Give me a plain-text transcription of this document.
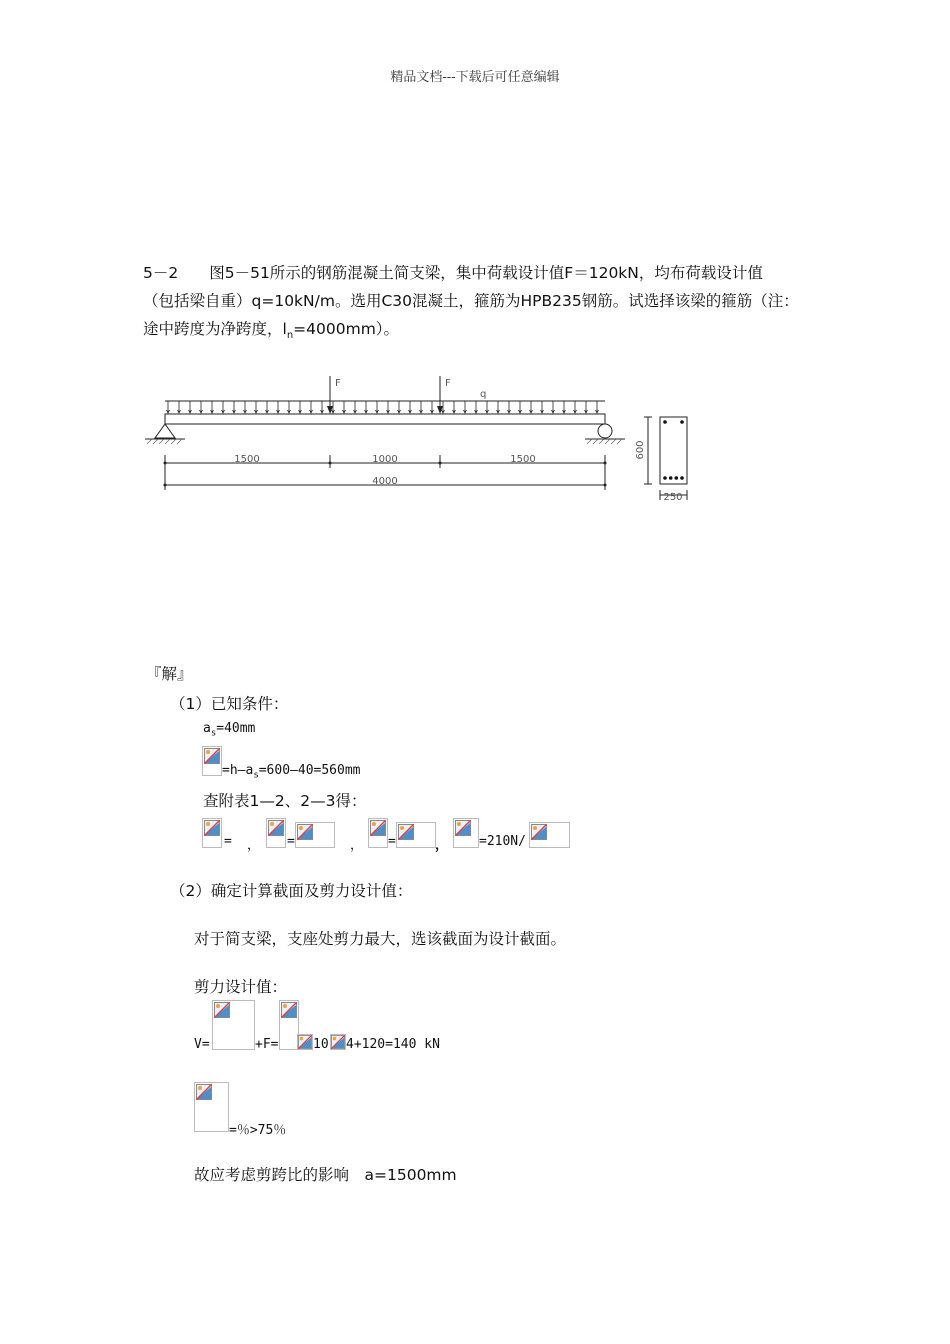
精品文档---下载后可任意编辑

5－2　　图5－51所示的钢筋混凝土简支梁，集中荷载设计值F＝120kN，均布荷载设计值

（包括梁自重）q=10kN/m。选用C30混凝土，箍筋为HPB235钢筋。试选择该梁的箍筋（注：

途中跨度为净跨度，$l_n=4000mm$）。

F	F
q
1500	1000	1500
4000
600
250
『解』
（1）已知条件：
$a_s=40mm$
$=h—a_s=600—40=560mm$
查附表1—2、2—3得：
= ， =	， =	， =210N/
（2）确定计算截面及剪力设计值：
对于简支梁，支座处剪力最大，选该截面为设计截面。
剪力设计值：
V=	+F=	10 4+120=140 kN
=％>75％
故应考虑剪跨比的影响　a=1500mm
